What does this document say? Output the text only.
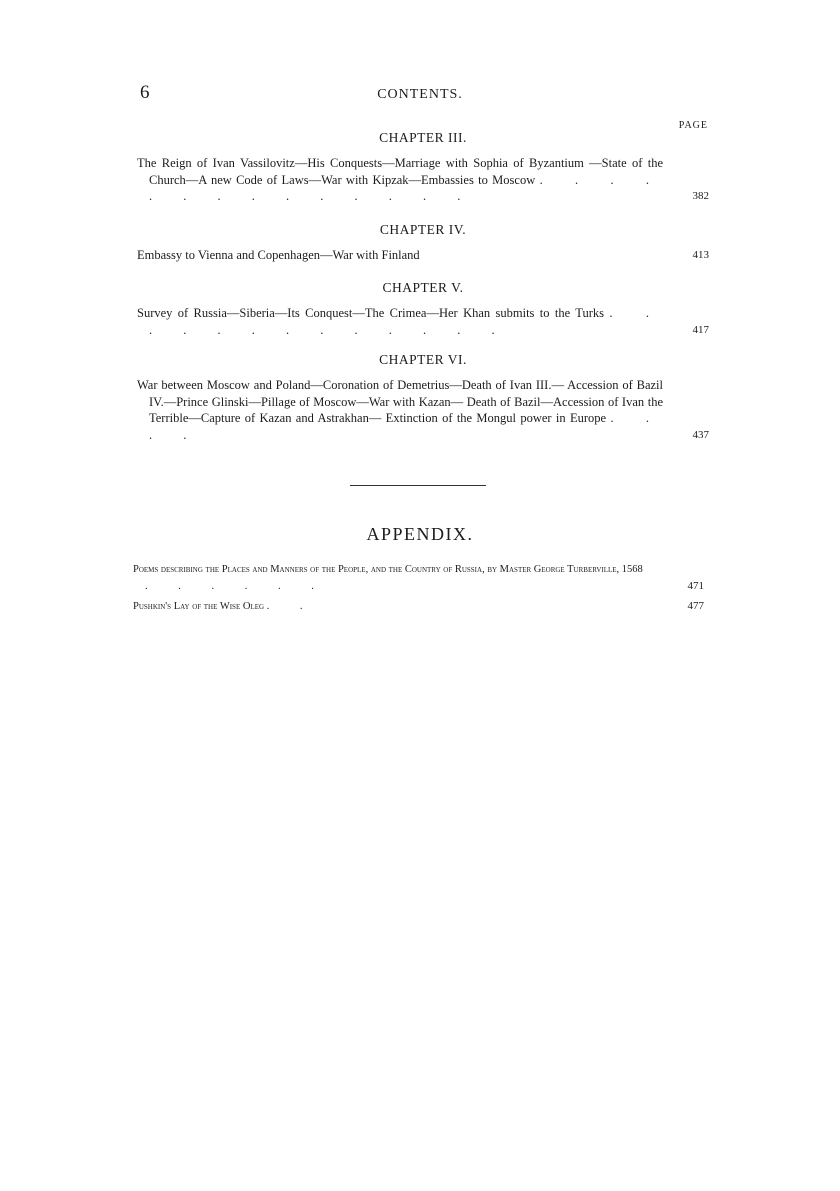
6	CONTENTS.
PAGE
CHAPTER III.
The Reign of Ivan Vassilovitz—His Conquests—Marriage with Sophia of Byzantium —State of the Church—A new Code of Laws—War with Kipzak—Embassies to Moscow . . . . . . . . . . . . . .	382
CHAPTER IV.
Embassy to Vienna and Copenhagen—War with Finland	413
CHAPTER V.
Survey of Russia—Siberia—Its Conquest—The Crimea—Her Khan submits to the Turks . . . . . . . . . . . . .	417
CHAPTER VI.
War between Moscow and Poland—Coronation of Demetrius—Death of Ivan III.— Accession of Bazil IV.—Prince Glinski—Pillage of Moscow—War with Kazan— Death of Bazil—Accession of Ivan the Terrible—Capture of Kazan and Astrakhan— Extinction of the Mongul power in Europe . . . .	437
APPENDIX.
Poems describing the Places and Manners of the People, and the Country of Russia, by Master George Turberville, 1568 . . . . . .	471
Pushkin's Lay of the Wise Oleg . .	477
